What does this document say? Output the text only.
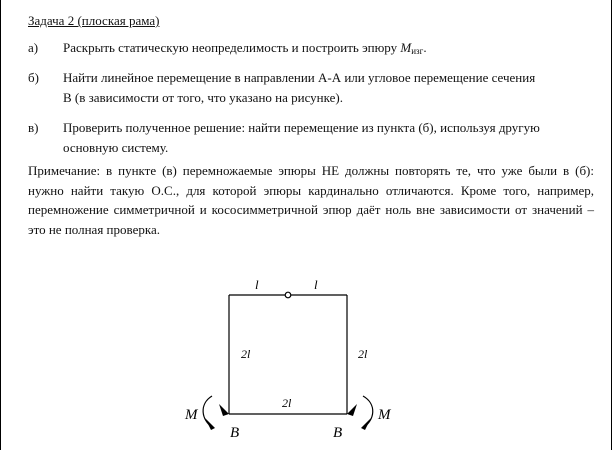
Задача 2 (плоская рама)
а) Раскрыть статическую неопределимость и построить эпюру $M_{изг}$.
б) Найти линейное перемещение в направлении А-А или угловое перемещение сечения
В (в зависимости от того, что указано на рисунке).
в) Проверить полученное решение: найти перемещение из пункта (б), используя другую
основную систему.
Примечание: в пункте (в) перемножаемые эпюры НЕ должны повторять те, что уже были в (б): нужно найти такую О.С., для которой эпюры кардинально отличаются. Кроме того, например, перемножение симметричной и кососимметричной эпюр даёт ноль вне зависимости от значений – это не полная проверка.
l	l
2l	2l
2l
M	M
B	B
